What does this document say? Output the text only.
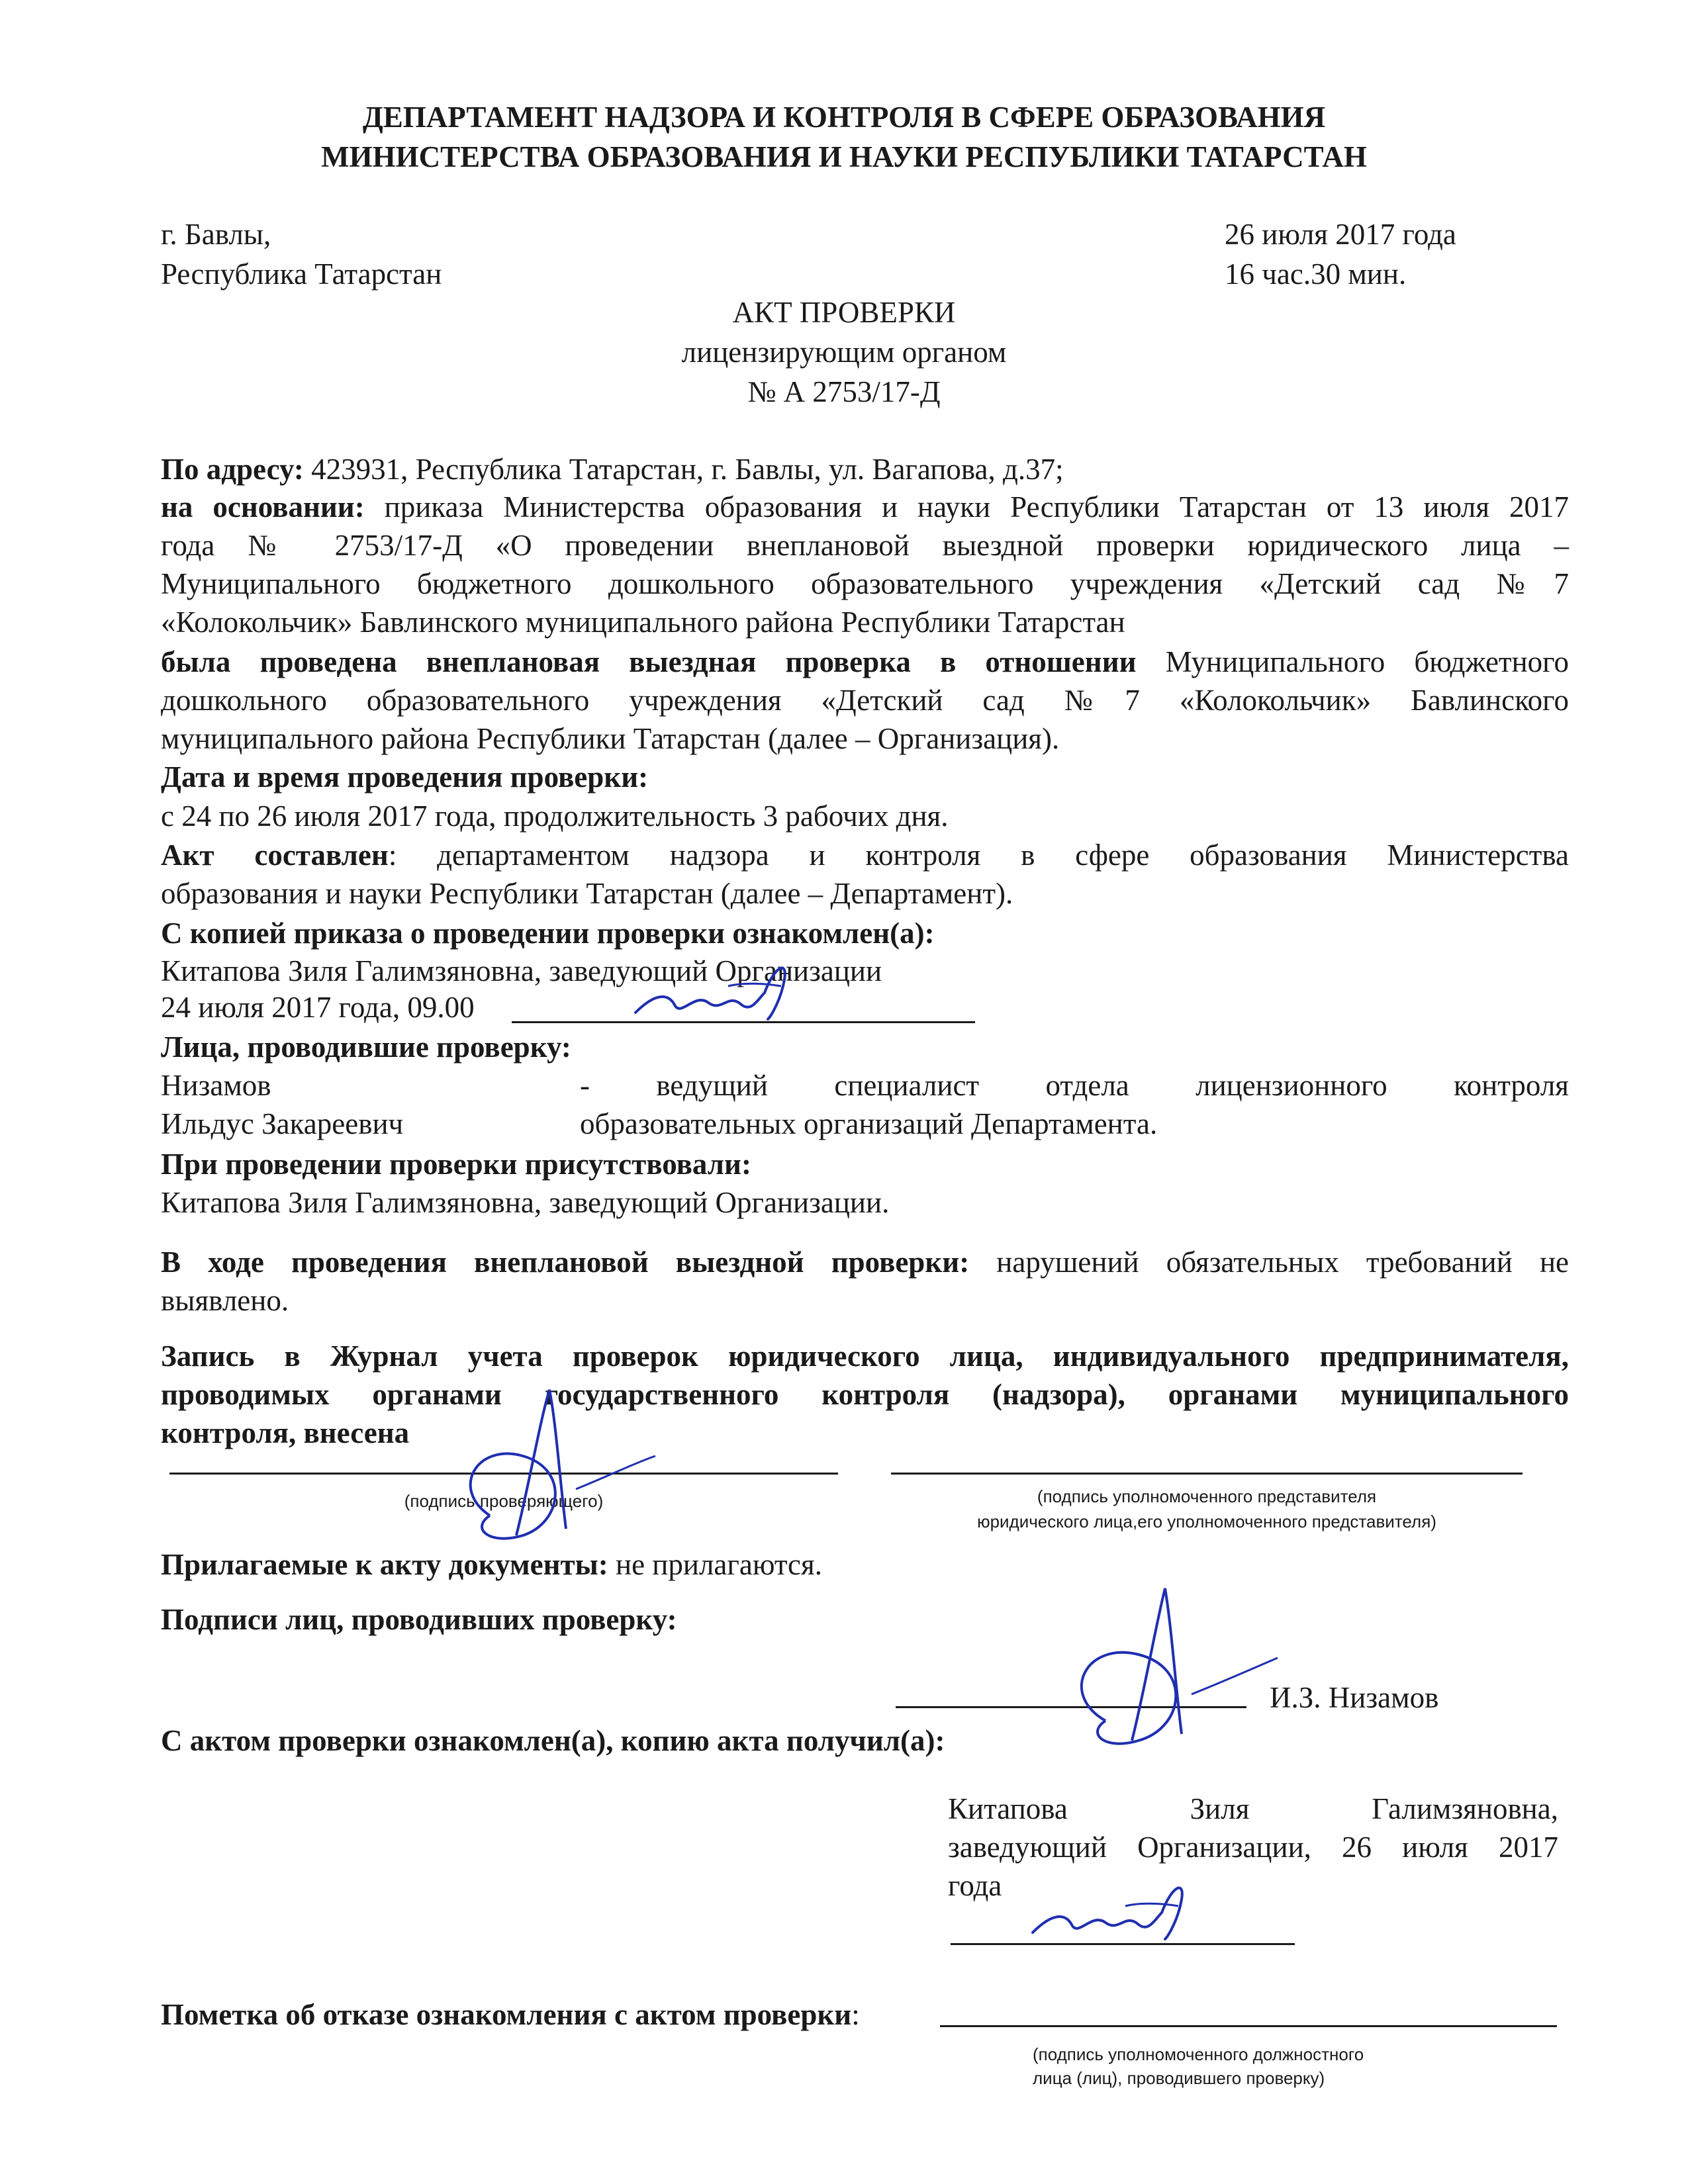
ДЕПАРТАМЕНТ НАДЗОРА И КОНТРОЛЯ В СФЕРЕ ОБРАЗОВАНИЯ
МИНИСТЕРСТВА ОБРАЗОВАНИЯ И НАУКИ РЕСПУБЛИКИ ТАТАРСТАН
г. Бавлы,
Республика Татарстан
26 июля 2017 года
16 час.30 мин.
АКТ ПРОВЕРКИ
лицензирующим органом
№ А 2753/17-Д
По адресу: 423931, Республика Татарстан, г. Бавлы, ул. Вагапова, д.37;
на основании: приказа Министерства образования и науки Республики Татарстан от 13 июля 2017
года № 2753/17-Д «О проведении внеплановой выездной проверки юридического лица –
Муниципального бюджетного дошкольного образовательного учреждения «Детский сад №7
«Колокольчик» Бавлинского муниципального района Республики Татарстан
была проведена внеплановая выездная проверка в отношении Муниципального бюджетного
дошкольного образовательного учреждения «Детский сад №7 «Колокольчик» Бавлинского
муниципального района Республики Татарстан (далее – Организация).
Дата и время проведения проверки:
с 24 по 26 июля 2017 года, продолжительность 3 рабочих дня.
Акт составлен: департаментом надзора и контроля в сфере образования Министерства
образования и науки Республики Татарстан (далее – Департамент).
С копией приказа о проведении проверки ознакомлен(а):
Китапова Зиля Галимзяновна, заведующий Организации
24 июля 2017 года, 09.00
Лица, проводившие проверку:
Низамов
Ильдус Закареевич
- ведущий специалист отдела лицензионного контроля
образовательных организаций Департамента.
При проведении проверки присутствовали:
Китапова Зиля Галимзяновна, заведующий Организации.
В ходе проведения внеплановой выездной проверки: нарушений обязательных требований не
выявлено.
Запись в Журнал учета проверок юридического лица, индивидуального предпринимателя,
проводимых органами государственного контроля (надзора), органами муниципального
контроля, внесена
(подпись проверяющего)	(подпись уполномоченного представителя
юридического лица,его уполномоченного представителя)
Прилагаемые к акту документы: не прилагаются.
Подписи лиц, проводивших проверку:
И.З. Низамов
С актом проверки ознакомлен(а), копию акта получил(а):
Китапова Зиля Галимзяновна,
заведующий Организации, 26 июля 2017
года
Пометка об отказе ознакомления с актом проверки:
(подпись уполномоченного должностного
лица (лиц), проводившего проверку)
